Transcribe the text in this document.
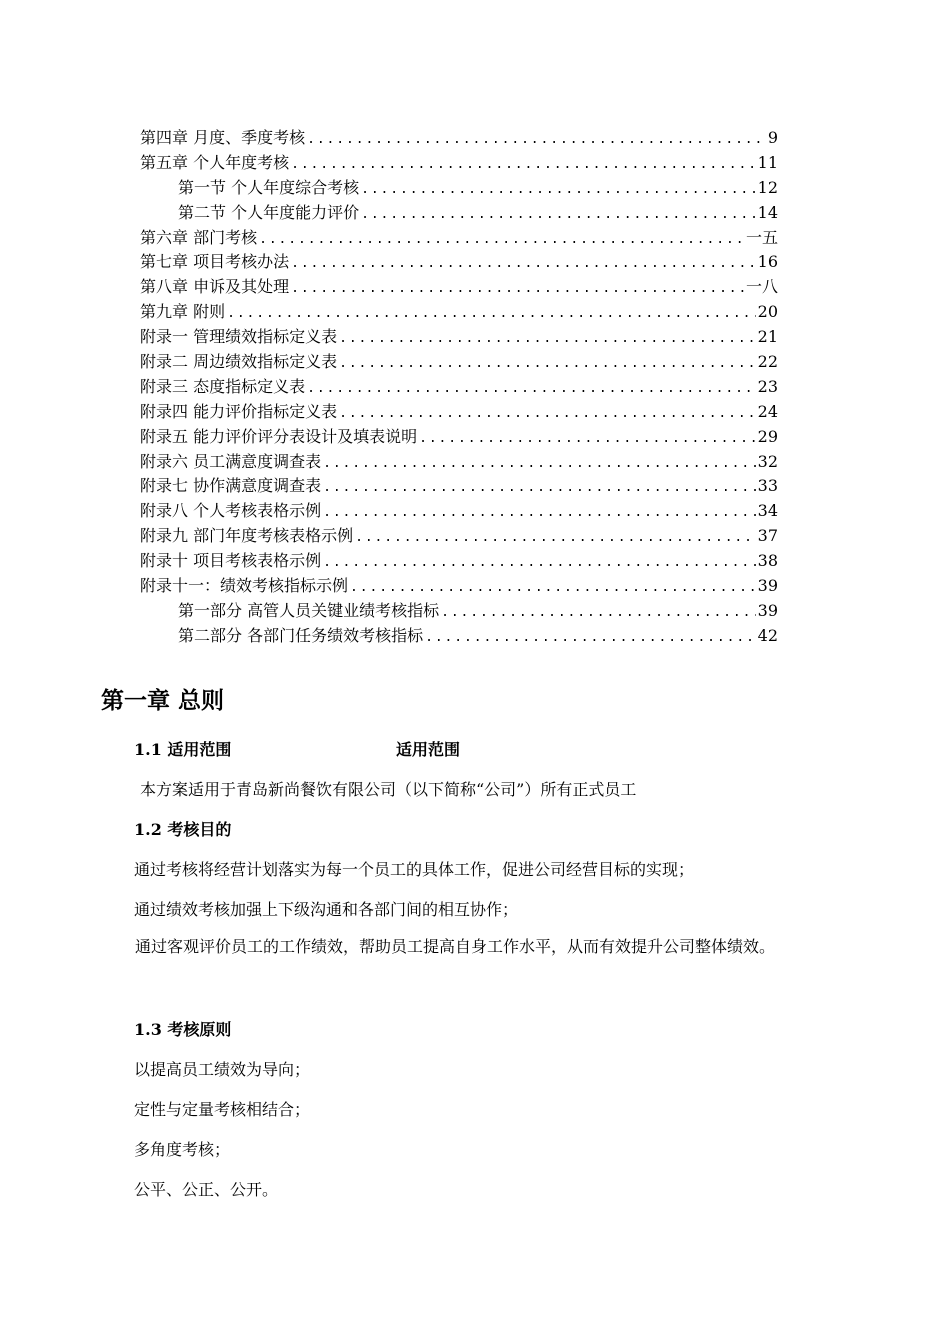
第四章 月度、季度考核 .....	9
第五章 个人年度考核 .....	11
第一节 个人年度综合考核 .....	12
第二节 个人年度能力评价 .....	14
第六章 部门考核 .....	一五
第七章 项目考核办法 .....	16
第八章 申诉及其处理 .....	一八
第九章 附则 .....	20
附录一 管理绩效指标定义表 .....	21
附录二 周边绩效指标定义表 .....	22
附录三 态度指标定义表 .....	23
附录四 能力评价指标定义表 .....	24
附录五 能力评价评分表设计及填表说明 .....	29
附录六 员工满意度调查表 .....	32
附录七 协作满意度调查表 .....	33
附录八 个人考核表格示例 .....	34
附录九 部门年度考核表格示例 .....	37
附录十 项目考核表格示例 .....	38
附录十一：绩效考核指标示例 .....	39
第一部分 高管人员关键业绩考核指标 .....	39
第二部分 各部门任务绩效考核指标 .....	42
第一章 总则
1.1 适用范围	适用范围
本方案适用于青岛新尚餐饮有限公司（以下简称“公司”）所有正式员工
1.2 考核目的
通过考核将经营计划落实为每一个员工的具体工作，促进公司经营目标的实现；
通过绩效考核加强上下级沟通和各部门间的相互协作；
通过客观评价员工的工作绩效，帮助员工提高自身工作水平，从而有效提升公司整体绩效。
1.3 考核原则
以提高员工绩效为导向；
定性与定量考核相结合；
多角度考核；
公平、公正、公开。
